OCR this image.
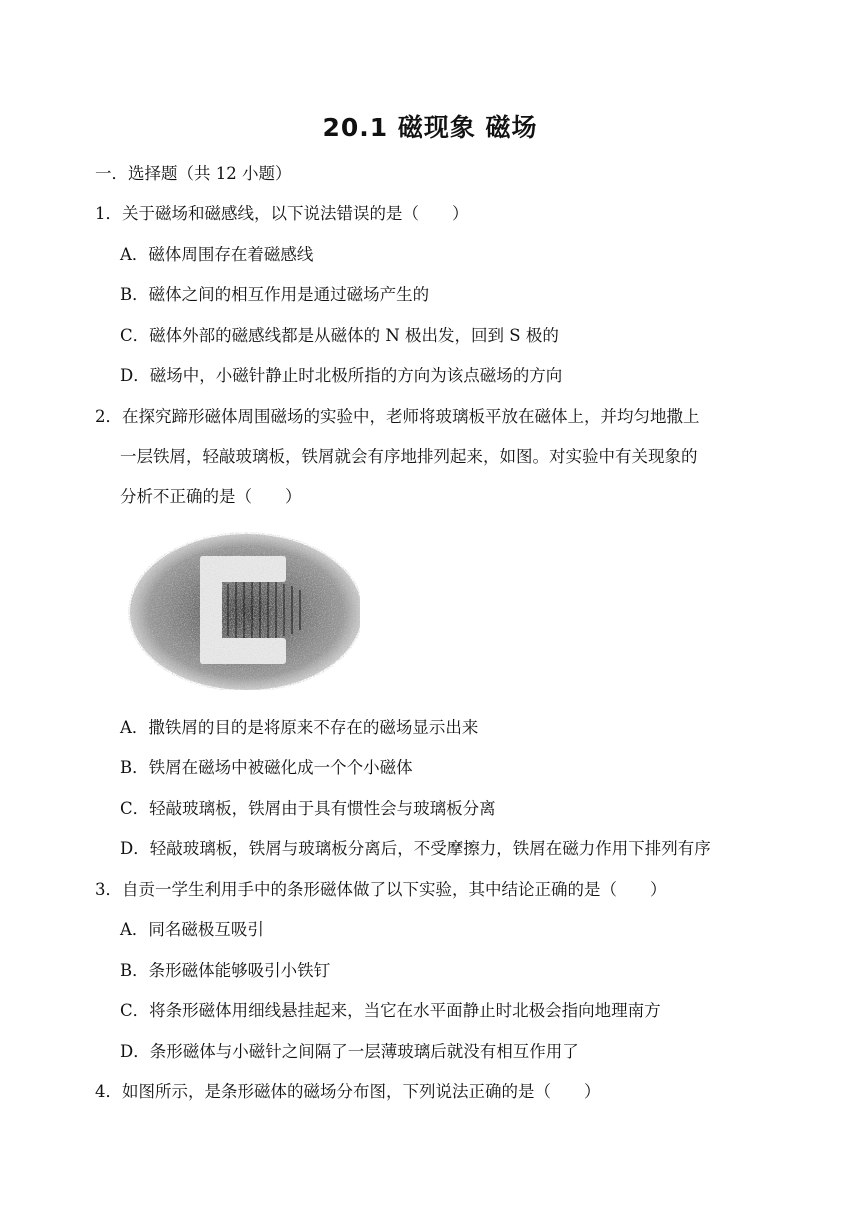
20.1 磁现象 磁场
一．选择题（共 12 小题）
1．关于磁场和磁感线，以下说法错误的是（　　）
A．磁体周围存在着磁感线
B．磁体之间的相互作用是通过磁场产生的
C．磁体外部的磁感线都是从磁体的 N 极出发，回到 S 极的
D．磁场中，小磁针静止时北极所指的方向为该点磁场的方向
2．在探究蹄形磁体周围磁场的实验中，老师将玻璃板平放在磁体上，并均匀地撒上
一层铁屑，轻敲玻璃板，铁屑就会有序地排列起来，如图。对实验中有关现象的
分析不正确的是（　　）
A．撒铁屑的目的是将原来不存在的磁场显示出来
B．铁屑在磁场中被磁化成一个个小磁体
C．轻敲玻璃板，铁屑由于具有惯性会与玻璃板分离
D．轻敲玻璃板，铁屑与玻璃板分离后，不受摩擦力，铁屑在磁力作用下排列有序
3．自贡一学生利用手中的条形磁体做了以下实验，其中结论正确的是（　　）
A．同名磁极互吸引
B．条形磁体能够吸引小铁钉
C．将条形磁体用细线悬挂起来，当它在水平面静止时北极会指向地理南方
D．条形磁体与小磁针之间隔了一层薄玻璃后就没有相互作用了
4．如图所示，是条形磁体的磁场分布图，下列说法正确的是（　　）
